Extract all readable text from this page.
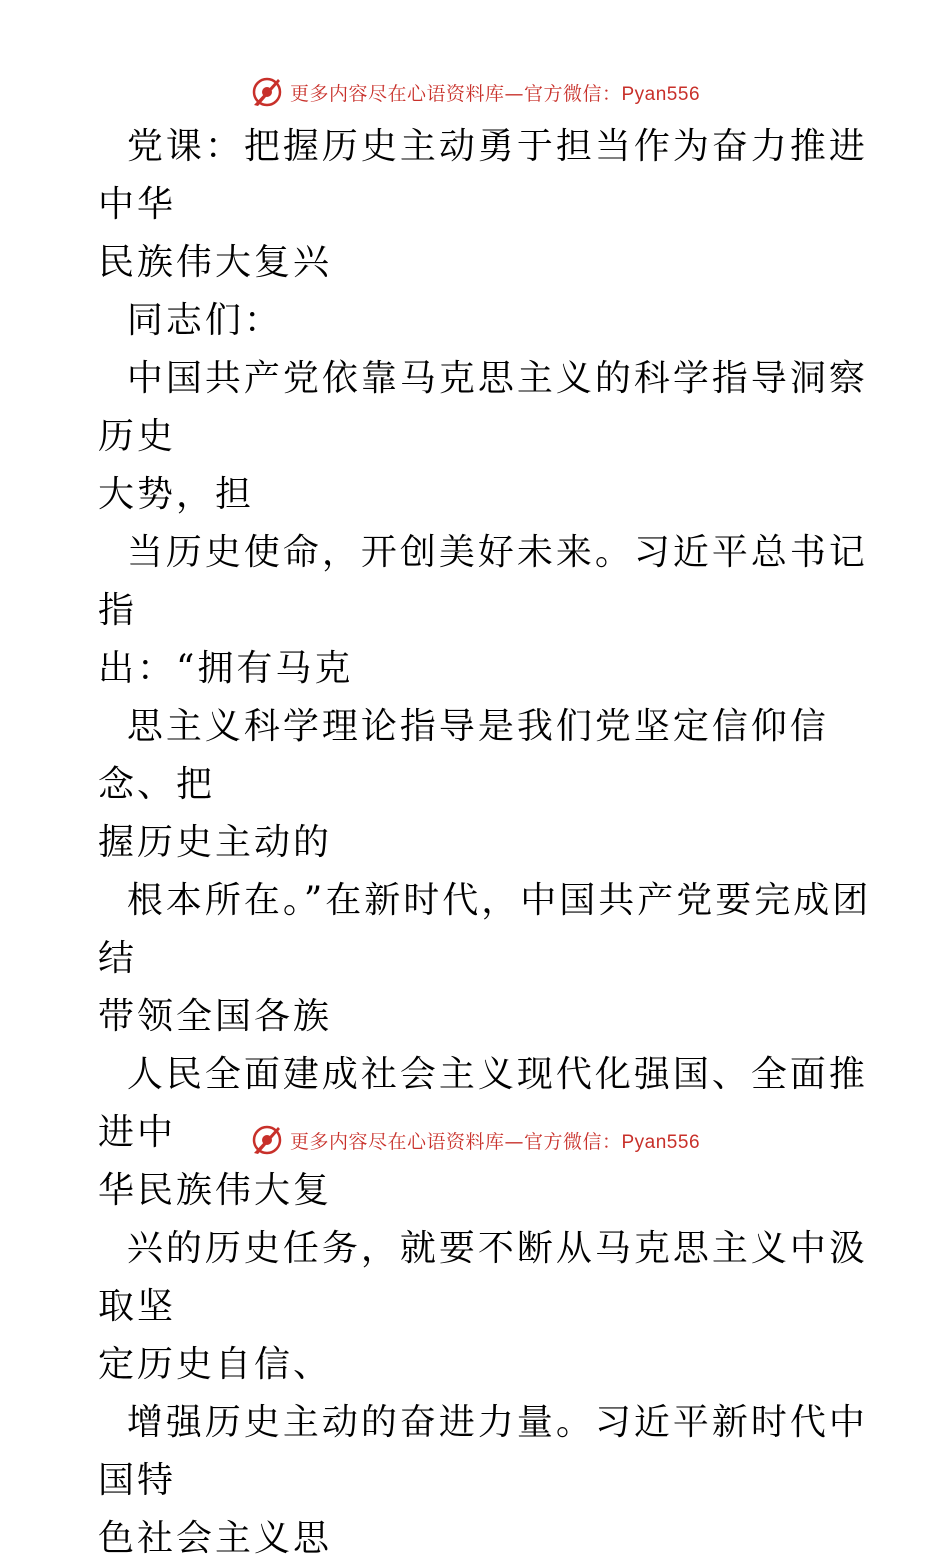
更多内容尽在心语资料库—官方微信：Pyan556

党课：把握历史主动勇于担当作为奋力推进中华

民族伟大复兴

同志们：

中国共产党依靠马克思主义的科学指导洞察历史

大势，担

当历史使命，开创美好未来。习近平总书记指

出：“拥有马克

思主义科学理论指导是我们党坚定信仰信念、把

握历史主动的

根本所在。”在新时代，中国共产党要完成团结

带领全国各族

人民全面建成社会主义现代化强国、全面推进中

华民族伟大复

兴的历史任务，就要不断从马克思主义中汲取坚

定历史自信、

增强历史主动的奋进力量。习近平新时代中国特

色社会主义思

更多内容尽在心语资料库—官方微信：Pyan556
